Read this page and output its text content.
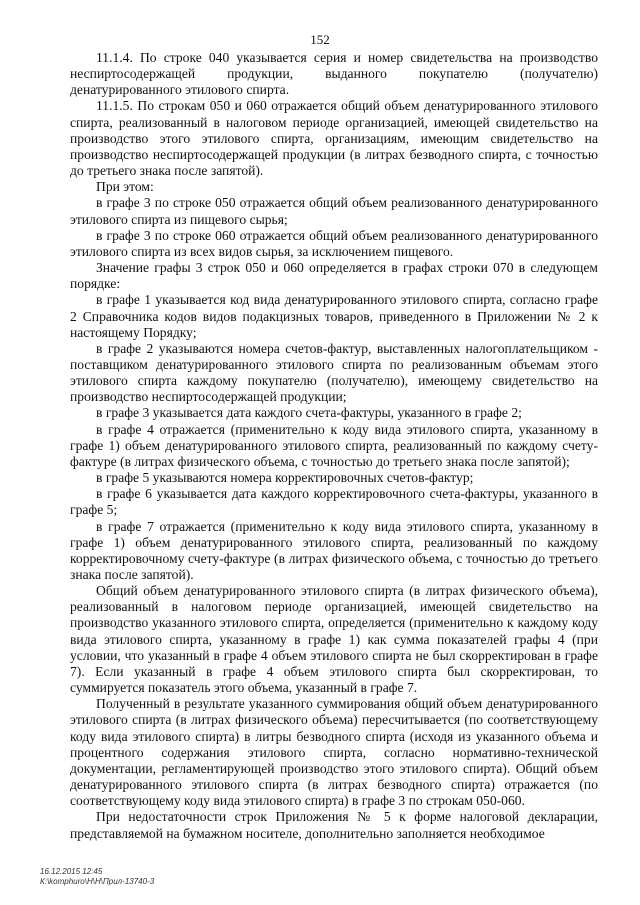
152

11.1.4. По строке 040 указывается серия и номер свидетельства на производство неспиртосодержащей продукции, выданного покупателю (получателю) денатурированного этилового спирта.

11.1.5. По строкам 050 и 060 отражается общий объем денатурированного этилового спирта, реализованный в налоговом периоде организацией, имеющей свидетельство на производство этого этилового спирта, организациям, имеющим свидетельство на производство неспиртосодержащей продукции (в литрах безводного спирта, с точностью до третьего знака после запятой).

При этом:

в графе 3 по строке 050 отражается общий объем реализованного денатурированного этилового спирта из пищевого сырья;

в графе 3 по строке 060 отражается общий объем реализованного денатурированного этилового спирта из всех видов сырья, за исключением пищевого.

Значение графы 3 строк 050 и 060 определяется в графах строки 070 в следующем порядке:

в графе 1 указывается код вида денатурированного этилового спирта, согласно графе 2 Справочника кодов видов подакцизных товаров, приведенного в Приложении № 2 к настоящему Порядку;

в графе 2 указываются номера счетов-фактур, выставленных налогоплательщиком - поставщиком денатурированного этилового спирта по реализованным объемам этого этилового спирта каждому покупателю (получателю), имеющему свидетельство на производство неспиртосодержащей продукции;

в графе 3 указывается дата каждого счета-фактуры, указанного в графе 2;

в графе 4 отражается (применительно к коду вида этилового спирта, указанному в графе 1) объем денатурированного этилового спирта, реализованный по каждому счету-фактуре (в литрах физического объема, с точностью до третьего знака после запятой);

в графе 5 указываются номера корректировочных счетов-фактур;

в графе 6 указывается дата каждого корректировочного счета-фактуры, указанного в графе 5;

в графе 7 отражается (применительно к коду вида этилового спирта, указанному в графе 1) объем денатурированного этилового спирта, реализованный по каждому корректировочному счету-фактуре (в литрах физического объема, с точностью до третьего знака после запятой).

Общий объем денатурированного этилового спирта (в литрах физического объема), реализованный в налоговом периоде организацией, имеющей свидетельство на производство указанного этилового спирта, определяется (применительно к каждому коду вида этилового спирта, указанному в графе 1) как сумма показателей графы 4 (при условии, что указанный в графе 4 объем этилового спирта не был скорректирован в графе 7). Если указанный в графе 4 объем этилового спирта был скорректирован, то суммируется показатель этого объема, указанный в графе 7.

Полученный в результате указанного суммирования общий объем денатурированного этилового спирта (в литрах физического объема) пересчитывается (по соответствующему коду вида этилового спирта) в литры безводного спирта (исходя из указанного объема и процентного содержания этилового спирта, согласно нормативно-технической документации, регламентирующей производство этого этилового спирта). Общий объем денатурированного этилового спирта (в литрах безводного спирта) отражается (по соответствующему коду вида этилового спирта) в графе 3 по строкам 050-060.

При недостаточности строк Приложения № 5 к форме налоговой декларации, представляемой на бумажном носителе, дополнительно заполняется необходимое

16.12.2015 12:45
К:\komphuro\Н\Н\Прил-13740-3
